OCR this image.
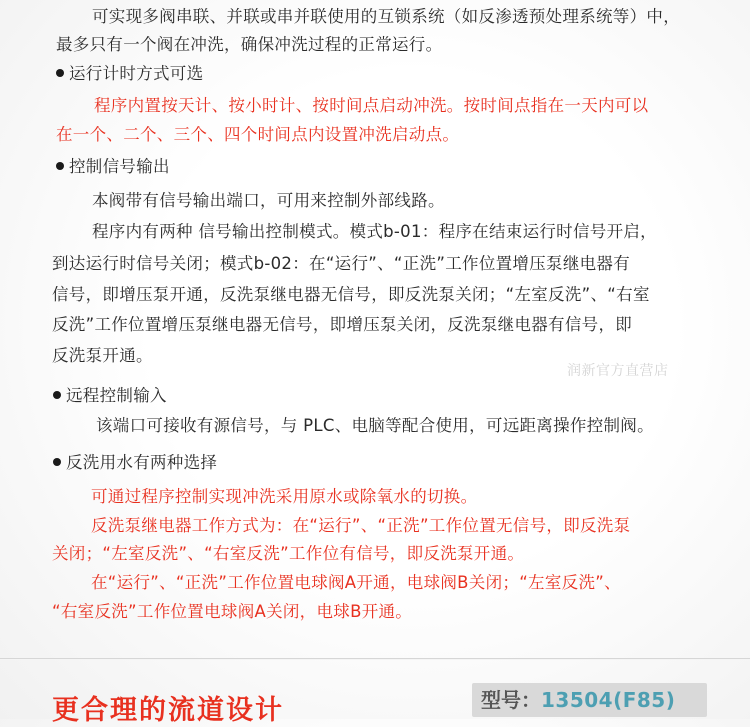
可实现多阀串联、并联或串并联使用的互锁系统（如反渗透预处理系统等）中，
最多只有一个阀在冲洗，确保冲洗过程的正常运行。
运行计时方式可选
程序内置按天计、按小时计、按时间点启动冲洗。按时间点指在一天内可以
在一个、二个、三个、四个时间点内设置冲洗启动点。
控制信号输出
本阀带有信号输出端口，可用来控制外部线路。
程序内有两种 信号输出控制模式。模式b-01：程序在结束运行时信号开启，
到达运行时信号关闭；模式b-02：在“运行”、“正洗”工作位置增压泵继电器有
信号，即增压泵开通，反洗泵继电器无信号，即反洗泵关闭；“左室反洗”、“右室
反洗”工作位置增压泵继电器无信号，即增压泵关闭，反洗泵继电器有信号，即
反洗泵开通。
润新官方直营店
远程控制输入
该端口可接收有源信号，与 PLC、电脑等配合使用，可远距离操作控制阀。
反洗用水有两种选择
可通过程序控制实现冲洗采用原水或除氧水的切换。
反洗泵继电器工作方式为：在“运行”、“正洗”工作位置无信号，即反洗泵
关闭；“左室反洗”、“右室反洗”工作位有信号，即反洗泵开通。
在“运行”、“正洗”工作位置电球阀A开通，电球阀B关闭；“左室反洗”、
“右室反洗”工作位置电球阀A关闭，电球B开通。
更合理的流道设计	型号：13504(F85)
